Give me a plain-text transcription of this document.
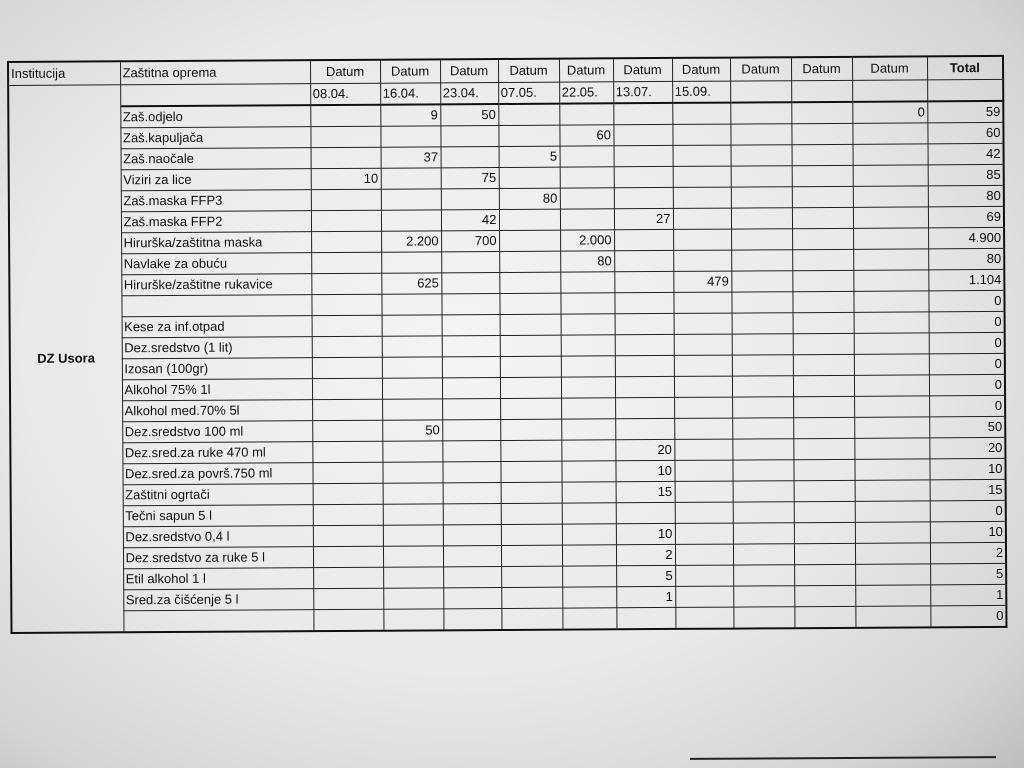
Institucija	Zaštitna oprema	Datum	Datum	Datum	Datum	Datum	Datum	Datum	Datum	Datum	Datum	Total
DZ Usora		08.04.	16.04.	23.04.	07.05.	22.05.	13.07.	15.09.				
	Zaš.odjelo		9	50							0	59
	Zaš.kapuljača					60						60
	Zaš.naočale		37		5							42
	Viziri za lice	10		75								85
	Zaš.maska FFP3				80							80
	Zaš.maska FFP2			42			27					69
	Hirurška/zaštitna maska		2.200	700		2.000						4.900
	Navlake za obuću					80						80
	Hirurške/zaštitne rukavice		625					479				1.104
												0
	Kese za inf.otpad											0
	Dez.sredstvo (1 lit)											0
	Izosan (100gr)											0
	Alkohol 75% 1l											0
	Alkohol med.70% 5l											0
	Dez.sredstvo 100 ml		50									50
	Dez.sred.za ruke 470 ml						20					20
	Dez.sred.za površ.750 ml						10					10
	Zaštitni ogrtači						15					15
	Tečni sapun 5 l											0
	Dez.sredstvo 0,4 l						10					10
	Dez.sredstvo za ruke 5 l						2					2
	Etil alkohol 1 l						5					5
	Sred.za čišćenje 5 l						1					1
												0
